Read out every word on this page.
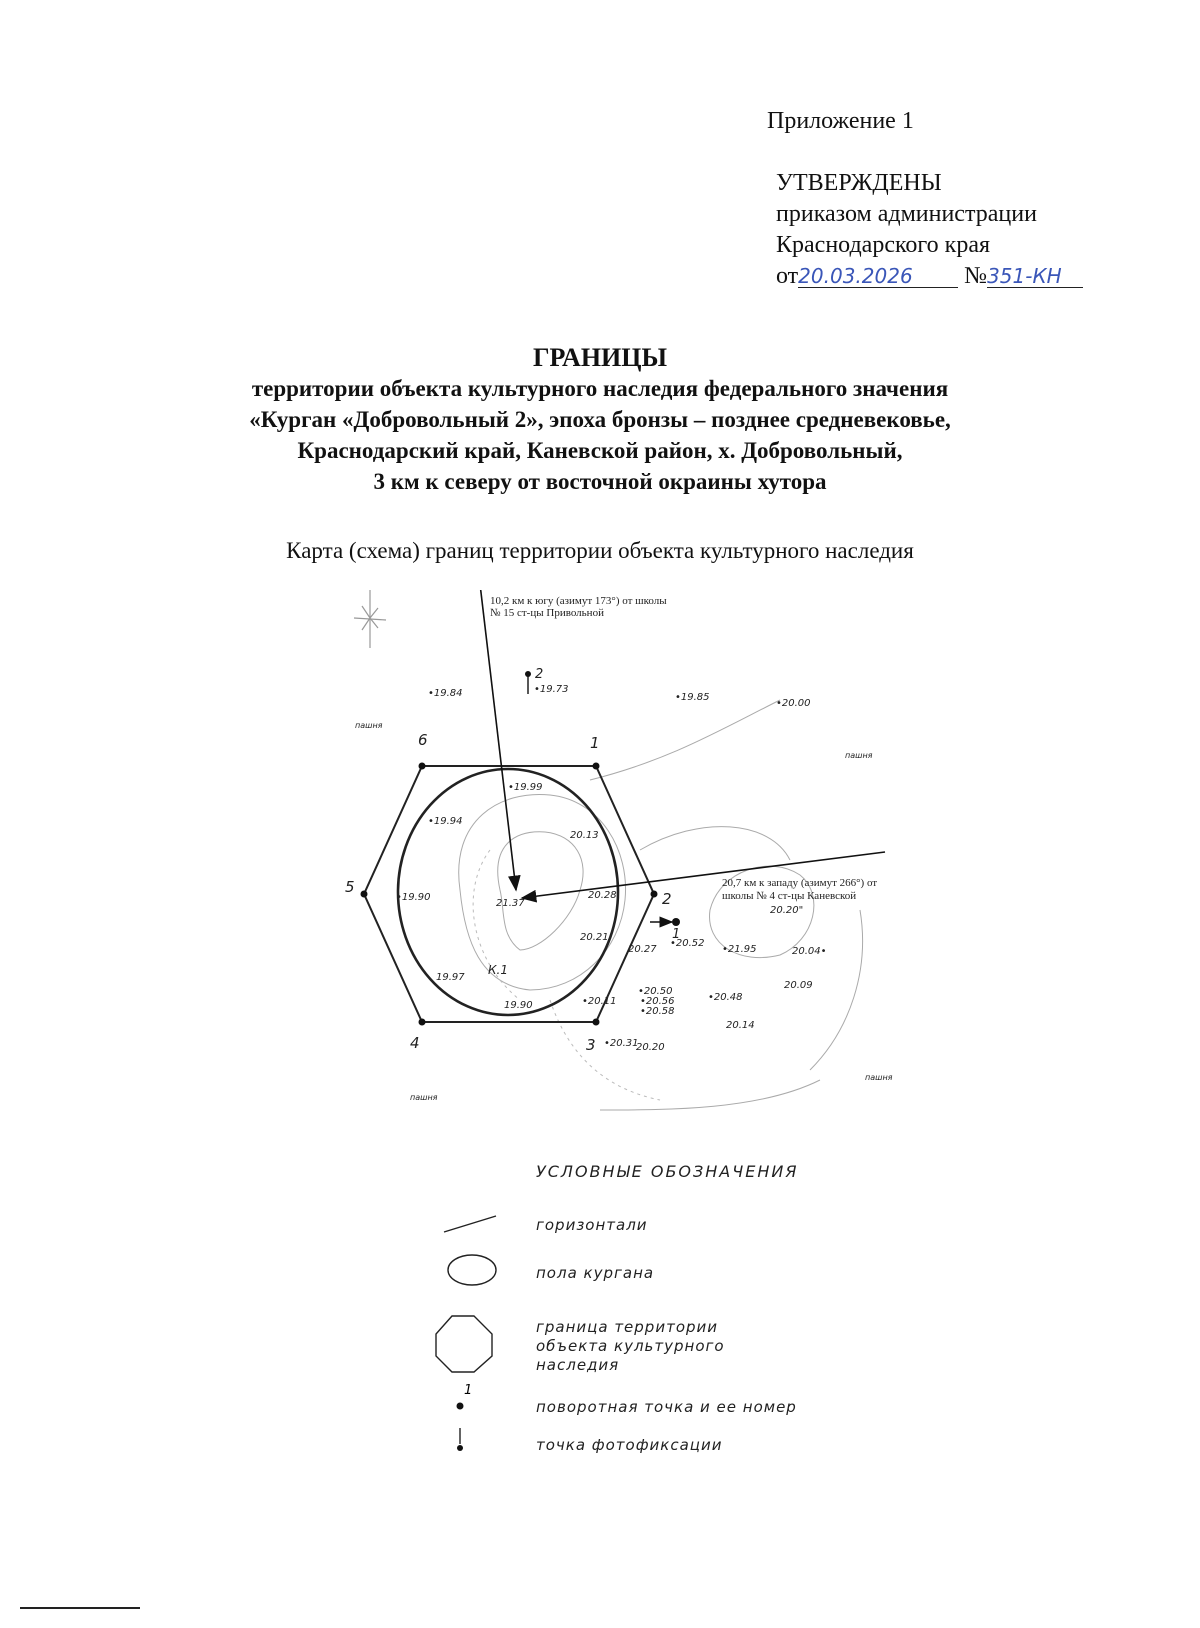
Приложение 1
УТВЕРЖДЕНЫ
приказом администрации
Краснодарского края
от20.03.2026 №351-КН
ГРАНИЦЫ
территории объекта культурного наследия федерального значения
«Курган «Добровольный 2», эпоха бронзы – позднее средневековье,
Краснодарский край, Каневской район, х. Добровольный,
3 км к северу от восточной окраины хутора
Карта (схема) границ территории объекта культурного наследия
1
2
3
4
5
6
10,2 км к югу (азимут 173°) от школы
№ 15 ст-цы Привольной
20,7 км к западу (азимут 266°) от
школы № 4 ст-цы Каневской
2
1
пашня
пашня
пашня
пашня
К.1
•19.84	•19.73
•19.85
•20.00
•19.99
•19.94
20.13
•19.90
21.37
20.28
20.21
19.97
19.90
20.20"
20.27
•20.52
•21.95	20.04•
20.09
•20.50
•20.48
•20.56
•20.58
20.14
•20.31
20.20
•20.11
УСЛОВНЫЕ ОБОЗНАЧЕНИЯ
горизонтали
пола кургана
граница территории
объекта культурного
наследия
1
поворотная точка и ее номер
точка фотофиксации
